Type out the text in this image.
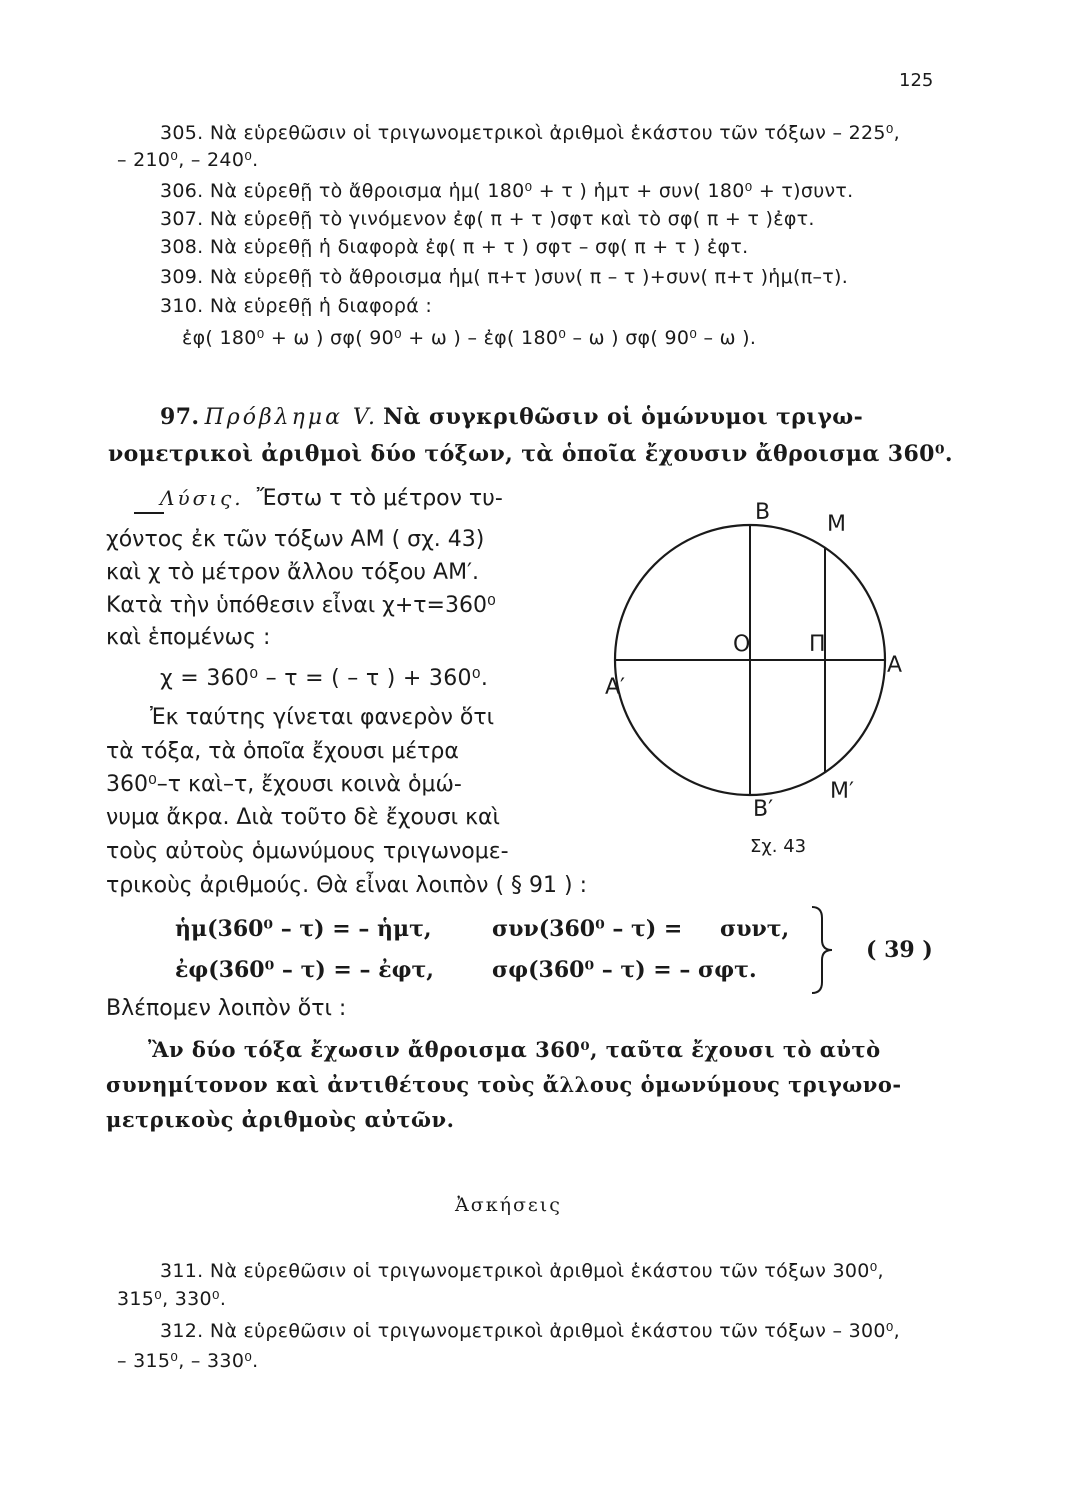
125
305. Νὰ εὑρεθῶσιν οἱ τριγωνομετρικοὶ ἀριθμοὶ ἑκάστου τῶν τόξων – 225⁰,
– 210⁰, – 240⁰.
306. Νὰ εὑρεθῇ τὸ ἄθροισμα ἡμ( 180⁰ + τ ) ἡμτ + συν( 180⁰ + τ)συντ.
307. Νὰ εὑρεθῇ τὸ γινόμενον ἐφ( π + τ )σφτ καὶ τὸ σφ( π + τ )ἐφτ.
308. Νὰ εὑρεθῇ ἡ διαφορὰ ἐφ( π + τ ) σφτ – σφ( π + τ ) ἐφτ.
309. Νὰ εὑρεθῇ τὸ ἄθροισμα ἡμ( π+τ )συν( π – τ )+συν( π+τ )ἡμ(π–τ).
310. Νὰ εὑρεθῇ ἡ διαφορά :
ἐφ( 180⁰ + ω ) σφ( 90⁰ + ω ) – ἐφ( 180⁰ – ω ) σφ( 90⁰ – ω ).
97. Πρόβλημα V. Νὰ συγκριθῶσιν οἱ ὁμώνυμοι τριγω-
νομετρικοὶ ἀριθμοὶ δύο τόξων, τὰ ὁποῖα ἔχουσιν ἄθροισμα 360⁰.
Λύσις. Ἔστω τ τὸ μέτρον τυ-
χόντος ἐκ τῶν τόξων ΑΜ ( σχ. 43)
καὶ χ τὸ μέτρον ἄλλου τόξου ΑΜ′.
Κατὰ τὴν ὑπόθεσιν εἶναι χ+τ=360⁰
καὶ ἑπομένως :
χ = 360⁰ – τ = ( – τ ) + 360⁰.
Ἐκ ταύτης γίνεται φανερὸν ὅτι
τὰ τόξα, τὰ ὁποῖα ἔχουσι μέτρα
360⁰–τ καὶ–τ, ἔχουσι κοινὰ ὁμώ-
νυμα ἄκρα. Διὰ τοῦτο δὲ ἔχουσι καὶ
τοὺς αὐτοὺς ὁμωνύμους τριγωνομε-
τρικοὺς ἀριθμούς. Θὰ εἶναι λοιπὸν ( § 91 ) :
Β	Μ
Α′
Ο	Π
Α
Β′
Μ′
Σχ. 43
ἡμ(360⁰ – τ) = – ἡμτ,	συν(360⁰ – τ) = συντ,
ἐφ(360⁰ – τ) = – ἐφτ,	σφ(360⁰ – τ) = – σφτ.
( 39 )
Βλέπομεν λοιπὸν ὅτι :
Ἂν δύο τόξα ἔχωσιν ἄθροισμα 360⁰, ταῦτα ἔχουσι τὸ αὐτὸ
συνημίτονον καὶ ἀντιθέτους τοὺς ἄλλους ὁμωνύμους τριγωνο-
μετρικοὺς ἀριθμοὺς αὐτῶν.
Ἀσκήσεις
311. Νὰ εὑρεθῶσιν οἱ τριγωνομετρικοὶ ἀριθμοὶ ἑκάστου τῶν τόξων 300⁰,
315⁰, 330⁰.
312. Νὰ εὑρεθῶσιν οἱ τριγωνομετρικοὶ ἀριθμοὶ ἑκάστου τῶν τόξων – 300⁰,
– 315⁰, – 330⁰.
